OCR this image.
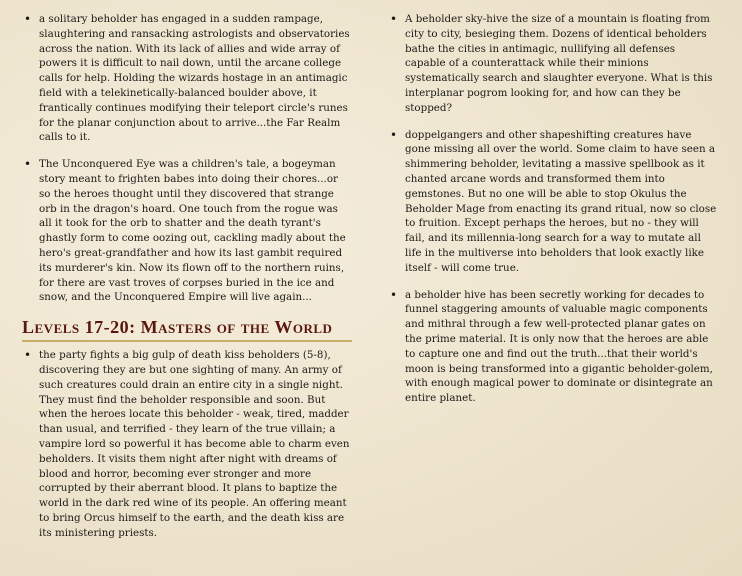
• a solitary beholder has engaged in a sudden rampage, slaughtering and ransacking astrologists and observatories across the nation. With its lack of allies and wide array of powers it is difficult to nail down, until the arcane college calls for help. Holding the wizards hostage in an antimagic field with a telekinetically-balanced boulder above, it frantically continues modifying their teleport circle's runes for the planar conjunction about to arrive...the Far Realm calls to it.
• The Unconquered Eye was a children's tale, a bogeyman story meant to frighten babes into doing their chores...or so the heroes thought until they discovered that strange orb in the dragon's hoard. One touch from the rogue was all it took for the orb to shatter and the death tyrant's ghastly form to come oozing out, cackling madly about the hero's great-grandfather and how its last gambit required its murderer's kin. Now its flown off to the northern ruins, for there are vast troves of corpses buried in the ice and snow, and the Unconquered Empire will live again...
Levels 17-20: Masters of the World
• the party fights a big gulp of death kiss beholders (5-8), discovering they are but one sighting of many. An army of such creatures could drain an entire city in a single night. They must find the beholder responsible and soon. But when the heroes locate this beholder - weak, tired, madder than usual, and terrified - they learn of the true villain; a vampire lord so powerful it has become able to charm even beholders. It visits them night after night with dreams of blood and horror, becoming ever stronger and more corrupted by their aberrant blood. It plans to baptize the world in the dark red wine of its people. An offering meant to bring Orcus himself to the earth, and the death kiss are its ministering priests.
• A beholder sky-hive the size of a mountain is floating from city to city, besieging them. Dozens of identical beholders bathe the cities in antimagic, nullifying all defenses capable of a counterattack while their minions systematically search and slaughter everyone. What is this interplanar pogrom looking for, and how can they be stopped?
• doppelgangers and other shapeshifting creatures have gone missing all over the world. Some claim to have seen a shimmering beholder, levitating a massive spellbook as it chanted arcane words and transformed them into gemstones. But no one will be able to stop Okulus the Beholder Mage from enacting its grand ritual, now so close to fruition. Except perhaps the heroes, but no - they will fail, and its millennia-long search for a way to mutate all life in the multiverse into beholders that look exactly like itself - will come true.
• a beholder hive has been secretly working for decades to funnel staggering amounts of valuable magic components and mithral through a few well-protected planar gates on the prime material. It is only now that the heroes are able to capture one and find out the truth...that their world's moon is being transformed into a gigantic beholder-golem, with enough magical power to dominate or disintegrate an entire planet.
